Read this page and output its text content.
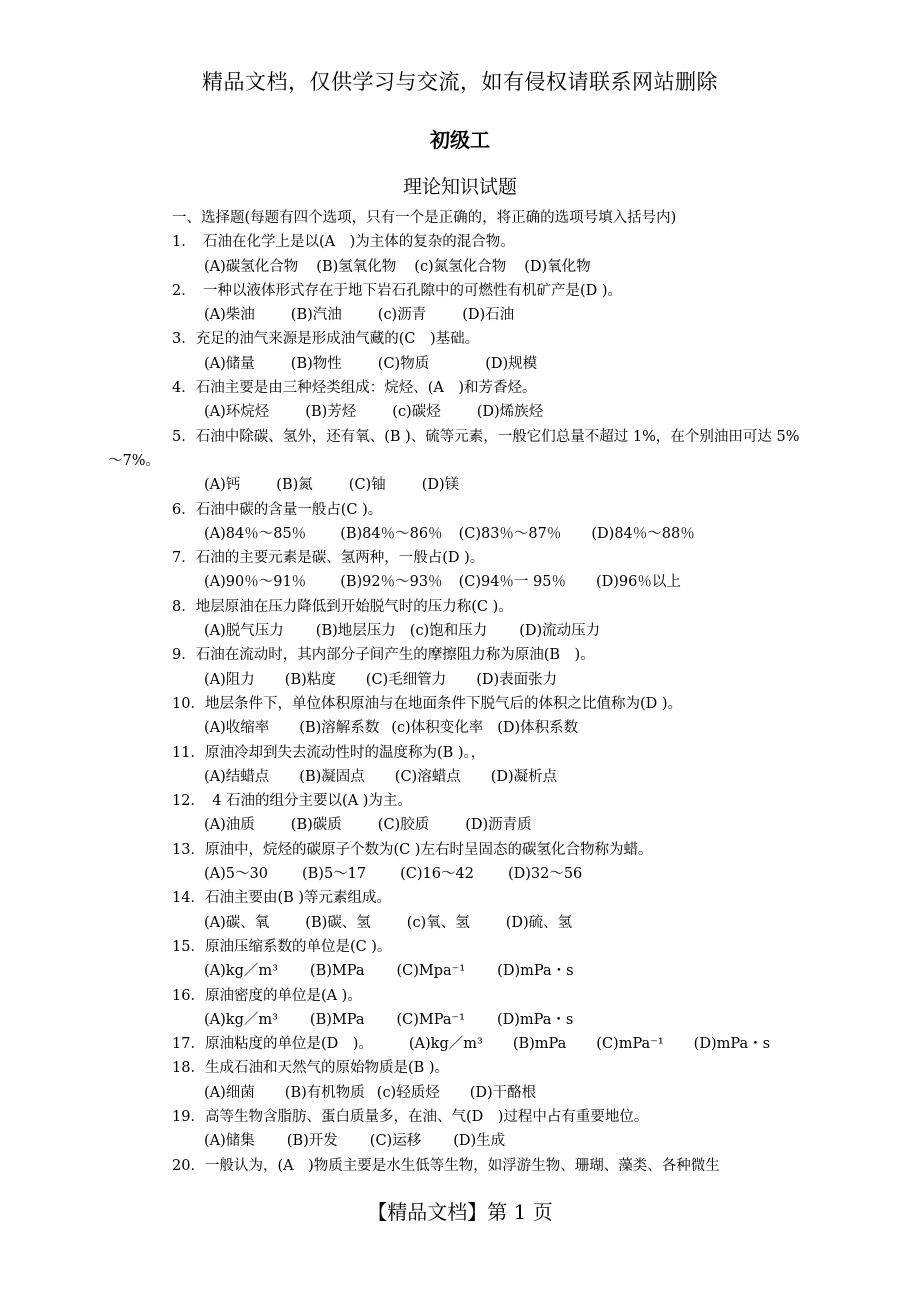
精品文档，仅供学习与交流，如有侵权请联系网站删除
初级工
理论知识试题
一、选择题(每题有四个选项，只有一个是正确的，将正确的选项号填入括号内)
1．　石油在化学上是以(A　)为主体的复杂的混合物。
(A)碳氢化合物 (B)氢氧化物 (c)氮氢化合物 (D)氧化物
2．　一种以液体形式存在于地下岩石孔隙中的可燃性有机矿产是(D )。
(A)柴油 (B)汽油 (c)沥青 (D)石油
3．充足的油气来源是形成油气藏的(C　)基础。
(A)储量 (B)物性 (C)物质	(D)规模
4．石油主要是由三种烃类组成：烷烃、(A　)和芳香烃。
(A)环烷烃 (B)芳烃 (c)碳烃 (D)烯族烃
5．石油中除碳、氢外，还有氧、(B )、硫等元素，一般它们总量不超过 1%，在个别油田可达 5%～7%。
(A)钙 (B)氮 (C)铀 (D)镁
6．石油中碳的含量一般占(C )。
(A)84％～85％ (B)84％～86％ (C)83％～87％ (D)84％～88％
7．石油的主要元素是碳、氢两种，一般占(D )。
(A)90％～91％ (B)92％～93％ (C)94％一 95％ (D)96％以上
8．地层原油在压力降低到开始脱气时的压力称(C )。
(A)脱气压力 (B)地层压力 (c)饱和压力 (D)流动压力
9．石油在流动时，其内部分子间产生的摩擦阻力称为原油(B　)。
(A)阻力 (B)粘度 (C)毛细管力 (D)表面张力
10．地层条件下，单位体积原油与在地面条件下脱气后的体积之比值称为(D )。
(A)收缩率 (B)溶解系数 (c)体积变化率 (D)体积系数
11．原油冷却到失去流动性时的温度称为(B )。，
(A)结蜡点 (B)凝固点 (C)溶蜡点 (D)凝析点
12．　4 石油的组分主要以(A )为主。
(A)油质 (B)碳质 (C)胶质 (D)沥青质
13．原油中，烷烃的碳原子个数为(C )左右时呈固态的碳氢化合物称为蜡。
(A)5～30 (B)5～17 (C)16～42 (D)32～56
14．石油主要由(B )等元素组成。
(A)碳、氧 (B)碳、氢 (c)氧、氢 (D)硫、氢
15．原油压缩系数的单位是(C )。
(A)kg／m³ (B)MPa (C)Mpa⁻¹ (D)mPa・s
16．原油密度的单位是(A )。
(A)kg／m³ (B)MPa (C)MPa⁻¹ (D)mPa・s
17．原油粘度的单位是(D　)。 (A)kg／m³ (B)mPa (C)mPa⁻¹ (D)mPa・s
18．生成石油和天然气的原始物质是(B )。
(A)细菌 (B)有机物质 (c)轻质烃 (D)干酪根
19．高等生物含脂肪、蛋白质量多，在油、气(D　)过程中占有重要地位。
(A)储集 (B)开发 (C)运移 (D)生成
20．一般认为，(A　)物质主要是水生低等生物，如浮游生物、珊瑚、藻类、各种微生
【精品文档】第 1 页
